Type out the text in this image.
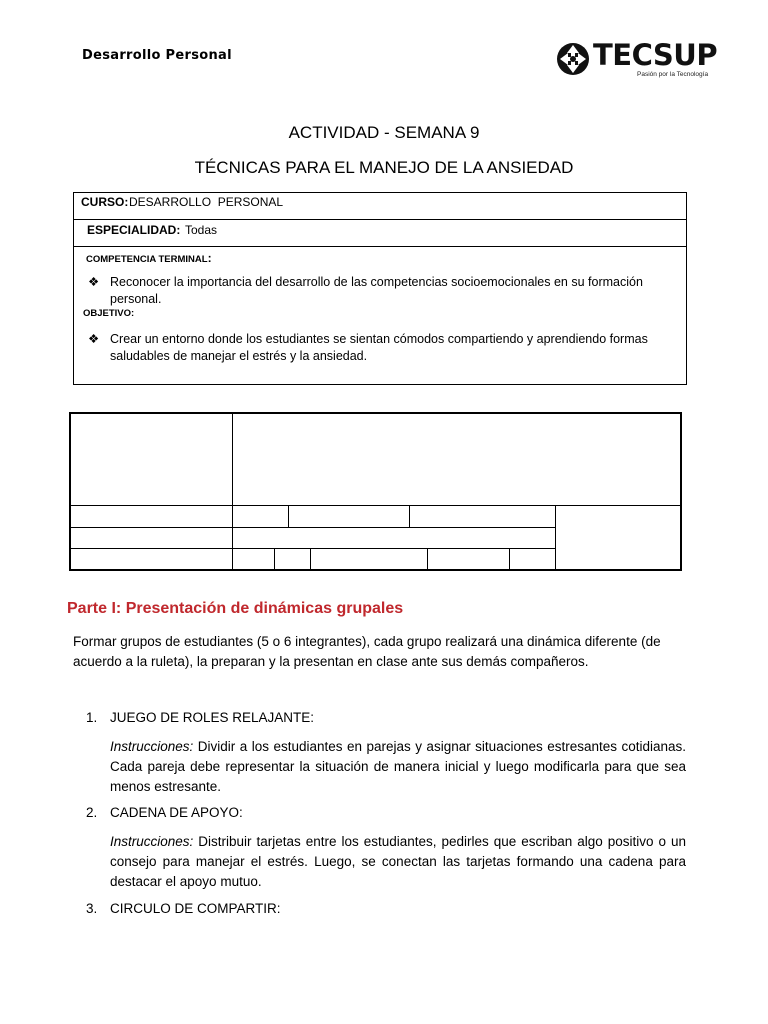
Desarrollo Personal	TECSUP
Pasión por la Tecnología
ACTIVIDAD - SEMANA 9
TÉCNICAS PARA EL MANEJO DE LA ANSIEDAD
CURSO: DESARROLLO  PERSONAL
ESPECIALIDAD: Todas
COMPETENCIA TERMINAL:
❖ Reconocer la importancia del desarrollo de las competencias socioemocionales en su formación personal.
OBJETIVO:
❖ Crear un entorno donde los estudiantes se sientan cómodos compartiendo y aprendiendo formas saludables de manejar el estrés y la ansiedad.
Parte I: Presentación de dinámicas grupales
Formar grupos de estudiantes (5 o 6 integrantes), cada grupo realizará una dinámica diferente (de acuerdo a la ruleta), la preparan y la presentan en clase ante sus demás compañeros.
1. JUEGO DE ROLES RELAJANTE:
Instrucciones: Dividir a los estudiantes en parejas y asignar situaciones estresantes cotidianas. Cada pareja debe representar la situación de manera inicial y luego modificarla para que sea menos estresante.
2. CADENA DE APOYO:
Instrucciones: Distribuir tarjetas entre los estudiantes, pedirles que escriban algo positivo o un consejo para manejar el estrés. Luego, se conectan las tarjetas formando una cadena para destacar el apoyo mutuo.
3. CIRCULO DE COMPARTIR:
